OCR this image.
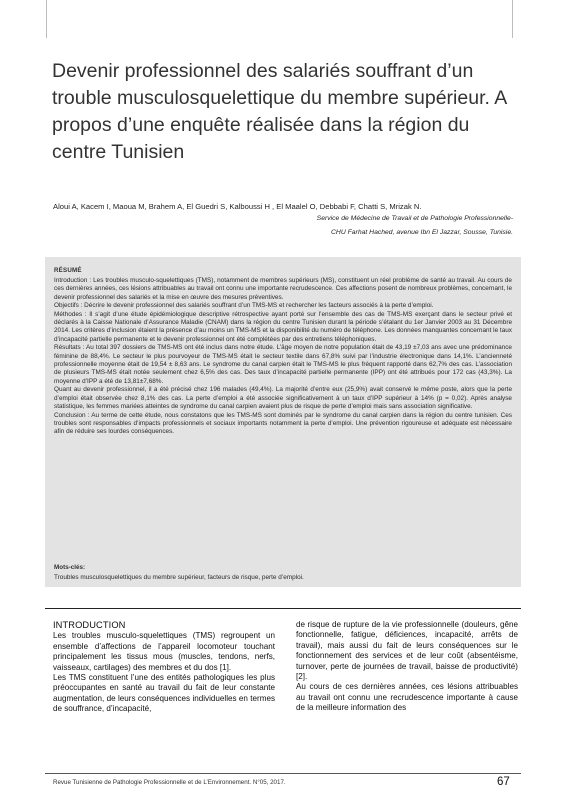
Devenir professionnel des salariés souffrant d’un trouble musculosquelettique du membre supérieur. A propos d’une enquête réalisée dans la région du centre Tunisien
Aloui A, Kacem I, Maoua M, Brahem A, El Guedri S, Kalboussi H , El Maalel O, Debbabi F, Chatti S, Mrizak N.
Service de Médecine de Travail et de Pathologie Professionnelle-
CHU Farhat Hached, avenue Ibn El Jazzar, Sousse, Tunisie.
RÉSUMÉ

Introduction : Les troubles musculo-squelettiques (TMS), notamment de membres supérieurs (MS), constituent un réel problème de santé au travail. Au cours de ces dernières années, ces lésions attribuables au travail ont connu une importante recrudescence. Ces affections posent de nombreux problèmes, concernant, le devenir professionnel des salariés et la mise en œuvre des mesures préventives.

Objectifs : Décrire le devenir professionnel des salariés souffrant d’un TMS-MS et rechercher les facteurs associés à la perte d’emploi.

Méthodes : Il s’agit d’une étude épidémiologique descriptive rétrospective ayant porté sur l’ensemble des cas de TMS-MS exerçant dans le secteur privé et déclarés à la Caisse Nationale d’Assurance Maladie (CNAM) dans la région du centre Tunisien durant la période s’étalant du 1er Janvier 2003 au 31 Décembre 2014. Les critères d’inclusion étaient la présence d’au moins un TMS-MS et la disponibilité du numéro de téléphone. Les données manquantes concernant le taux d’incapacité partielle permanente et le devenir professionnel ont été complétées par des entretiens téléphoniques.

Résultats : Au total 397 dossiers de TMS-MS ont été inclus dans notre étude. L’âge moyen de notre population était de 43,19 ±7,03 ans avec une prédominance féminine de 88,4%. Le secteur le plus pourvoyeur de TMS-MS était le secteur textile dans 67,8% suivi par l’industrie électronique dans 14,1%. L’ancienneté professionnelle moyenne était de 19,54 ± 8,63 ans. Le syndrome du canal carpien était le TMS-MS le plus fréquent rapporté dans 62,7% des cas. L’association de plusieurs TMS-MS était notée seulement chez 6,5% des cas. Des taux d’incapacité partielle permanente (IPP) ont été attribués pour 172 cas (43,3%). La moyenne d’IPP a été de 13,81±7,68%.

Quant au devenir professionnel, il a été précisé chez 196 malades (49,4%). La majorité d’entre eux (25,9%) avait conservé le même poste, alors que la perte d’emploi était observée chez 8,1% des cas. La perte d’emploi a été associée significativement à un taux d’IPP supérieur à 14% (p = 0,02). Après analyse statistique, les femmes mariées atteintes de syndrome du canal carpien avaient plus de risque de perte d’emploi mais sans association significative.

Conclusion : Au terme de cette étude, nous constatons que les TMS-MS sont dominés par le syndrome du canal carpien dans la région du centre tunisien. Ces troubles sont responsables d’impacts professionnels et sociaux importants notamment la perte d’emploi. Une prévention rigoureuse et adéquate est nécessaire afin de réduire ses lourdes conséquences.

Mots-clés:
Troubles musculosquelettiques du membre supérieur, facteurs de risque, perte d’emploi.
INTRODUCTION

Les troubles musculo-squelettiques (TMS) regroupent un ensemble d’affections de l’appareil locomoteur touchant principalement les tissus mous (muscles, tendons, nerfs, vaisseaux, cartilages) des membres et du dos [1].

Les TMS constituent l’une des entités pathologiques les plus préoccupantes en santé au travail du fait de leur constante augmentation, de leurs conséquences individuelles en termes de souffrance, d’incapacité,

de risque de rupture de la vie professionnelle (douleurs, gêne fonctionnelle, fatigue, déficiences, incapacité, arrêts de travail), mais aussi du fait de leurs conséquences sur le fonctionnement des services et de leur coût (absentéisme, turnover, perte de journées de travail, baisse de productivité) [2].

Au cours de ces dernières années, ces lésions attribuables au travail ont connu une recrudescence importante à cause de la meilleure information des

Revue Tunisienne de Pathologie Professionnelle et de L’Environnement. N°05, 2017.	67
